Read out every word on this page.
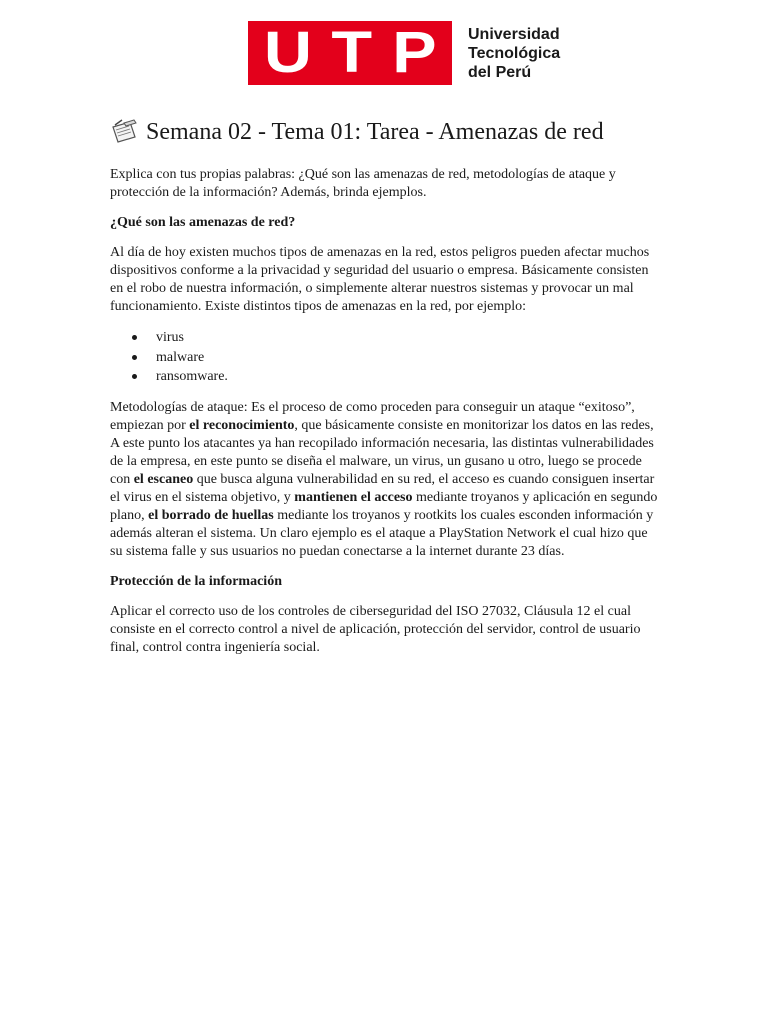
U T P Universidad
Tecnológica
del Perú
Semana 02 - Tema 01: Tarea - Amenazas de red

Explica con tus propias palabras: ¿Qué son las amenazas de red, metodologías de ataque y protección de la información? Además, brinda ejemplos.

¿Qué son las amenazas de red?

Al día de hoy existen muchos tipos de amenazas en la red, estos peligros pueden afectar muchos dispositivos conforme a la privacidad y seguridad del usuario o empresa. Básicamente consisten en el robo de nuestra información, o simplemente alterar nuestros sistemas y provocar un mal funcionamiento. Existe distintos tipos de amenazas en la red, por ejemplo:

virus
malware
ransomware.

Metodologías de ataque: Es el proceso de como proceden para conseguir un ataque “exitoso”, empiezan por el reconocimiento, que básicamente consiste en monitorizar los datos en las redes, A este punto los atacantes ya han recopilado información necesaria, las distintas vulnerabilidades de la empresa, en este punto se diseña el malware, un virus, un gusano u otro, luego se procede con el escaneo que busca alguna vulnerabilidad en su red, el acceso es cuando consiguen insertar el virus en el sistema objetivo, y mantienen el acceso mediante troyanos y aplicación en segundo plano, el borrado de huellas mediante los troyanos y rootkits los cuales esconden información y además alteran el sistema. Un claro ejemplo es el ataque a PlayStation Network el cual hizo que su sistema falle y sus usuarios no puedan conectarse a la internet durante 23 días.

Protección de la información

Aplicar el correcto uso de los controles de ciberseguridad del ISO 27032, Cláusula 12 el cual consiste en el correcto control a nivel de aplicación, protección del servidor, control de usuario final, control contra ingeniería social.
